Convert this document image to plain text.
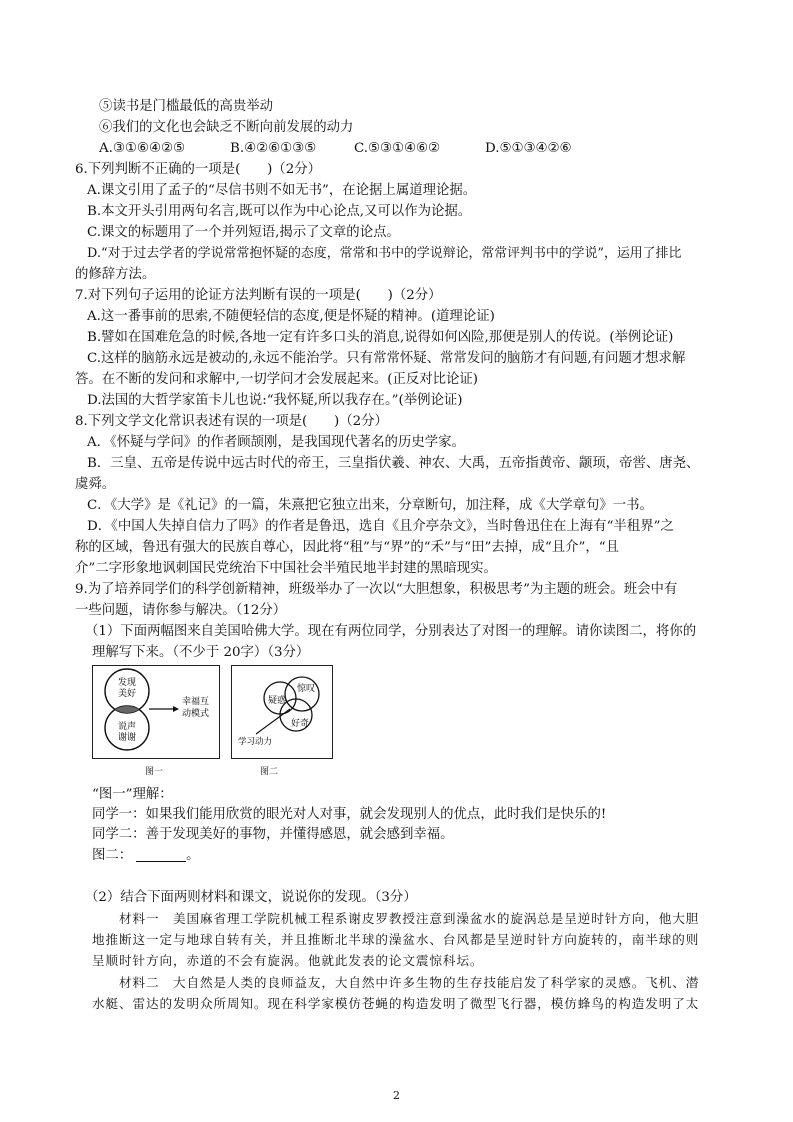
⑤读书是门槛最低的高贵举动
⑥我们的文化也会缺乏不断向前发展的动力
A.③①⑥④②⑤	B.④②⑥①③⑤	C.⑤③①④⑥②	D.⑤①③④②⑥
6.下列判断不正确的一项是(　　)（2分）
A.课文引用了孟子的“尽信书则不如无书”，在论据上属道理论据。
B.本文开头引用两句名言,既可以作为中心论点,又可以作为论据。
C.课文的标题用了一个并列短语,揭示了文章的论点。
D.“对于过去学者的学说常常抱怀疑的态度，常常和书中的学说辩论，常常评判书中的学说”，运用了排比
的修辞方法。
7.对下列句子运用的论证方法判断有误的一项是(　　)（2分）
A.这一番事前的思索,不随便轻信的态度,便是怀疑的精神。(道理论证)
B.譬如在国难危急的时候,各地一定有许多口头的消息,说得如何凶险,那便是别人的传说。(举例论证)
C.这样的脑筋永远是被动的,永远不能治学。只有常常怀疑、常常发问的脑筋才有问题,有问题才想求解
答。在不断的发问和求解中,一切学问才会发展起来。(正反对比论证)
D.法国的大哲学家笛卡儿也说:“我怀疑,所以我存在。”(举例论证)
8.下列文学文化常识表述有误的一项是(　　)（2分）
A．《怀疑与学问》的作者顾颉刚，是我国现代著名的历史学家。
B．三皇、五帝是传说中远古时代的帝王，三皇指伏羲、神农、大禹，五帝指黄帝、颛顼，帝喾、唐尧、
虞舜。
C．《大学》是《礼记》的一篇，朱熹把它独立出来，分章断句，加注释，成《大学章句》一书。
D．《中国人失掉自信力了吗》的作者是鲁迅，选自《且介亭杂文》，当时鲁迅住在上海有“半租界”之
称的区域，鲁迅有强大的民族自尊心，因此将“租”与“界”的“禾”与“田”去掉，成“且介”，“且
介”二字形象地讽刺国民党统治下中国社会半殖民地半封建的黑暗现实。
9.为了培养同学们的科学创新精神，班级举办了一次以“大胆想象，积极思考”为主题的班会。班会中有
一些问题，请你参与解决。（12分）
（1）下面两幅图来自美国哈佛大学。现在有两位同学，分别表达了对图一的理解。请你读图二，将你的
理解写下来。（不少于 20字）（3分）
发现
美好
说声
谢谢
幸福互
动模式
图一
疑惑
惊叹
好奇
学习动力
图二
“图一”理解：
同学一：如果我们能用欣赏的眼光对人对事，就会发现别人的优点，此时我们是快乐的!
同学二：善于发现美好的事物，并懂得感恩，就会感到幸福。
图二：	。
（2）结合下面两则材料和课文，说说你的发现。（3分）
材料一　美国麻省理工学院机械工程系谢皮罗教授注意到澡盆水的旋涡总是呈逆时针方向，他大胆
地推断这一定与地球自转有关，并且推断北半球的澡盆水、台风都是呈逆时针方向旋转的，南半球的则
呈顺时针方向，赤道的不会有旋涡。他就此发表的论文震惊科坛。
材料二　大自然是人类的良师益友，大自然中许多生物的生存技能启发了科学家的灵感。飞机、潜
水艇、雷达的发明众所周知。现在科学家模仿苍蝇的构造发明了微型飞行器，模仿蜂鸟的构造发明了太
2
